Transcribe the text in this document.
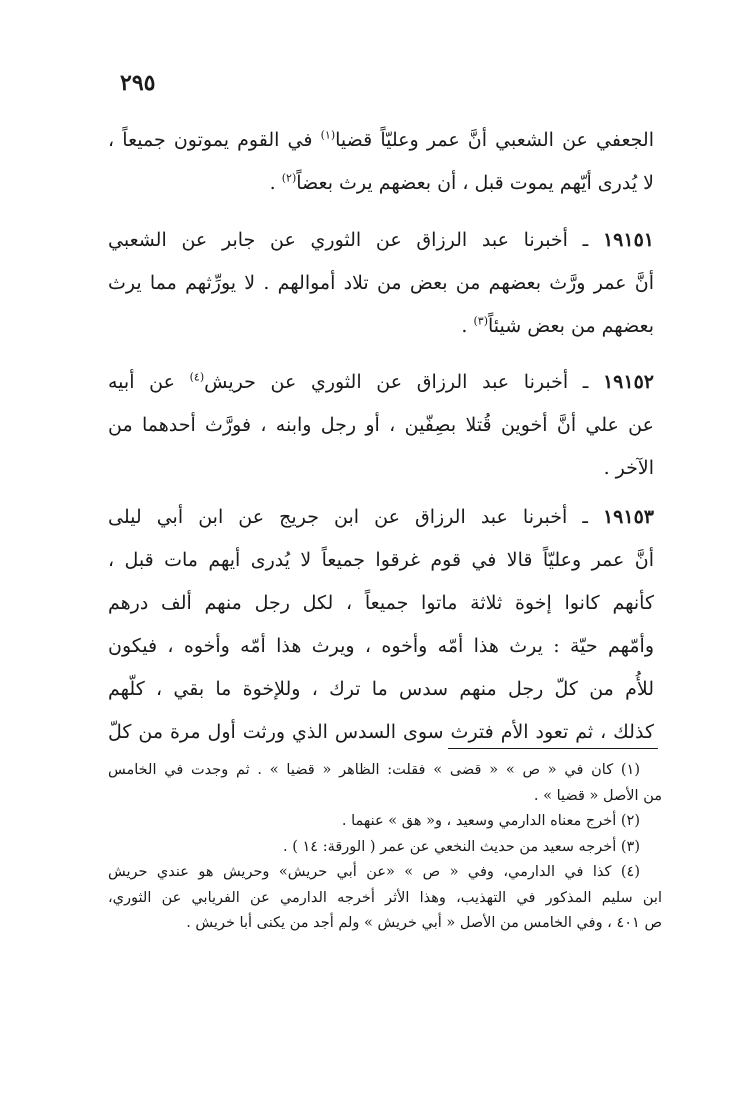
٢٩٥
الجعفي عن الشعبي أنَّ عمر وعليّاً قضيا$^{(١)}$ في القوم يموتون جميعاً ،
لا يُدرى أيّهم يموت قبل ، أن بعضهم يرث بعضاً$^{(٢)}$ .
١٩١٥١ ـ أخبرنا عبد الرزاق عن الثوري عن جابر عن الشعبي
أنَّ عمر ورَّث بعضهم من بعض من تلاد أموالهم . لا يورِّثهم مما يرث
بعضهم من بعض شيئاً$^{(٣)}$ .
١٩١٥٢ ـ أخبرنا عبد الرزاق عن الثوري عن حريش$^{(٤)}$ عن أبيه
عن علي أنَّ أخوين قُتلا بصِفّين ، أو رجل وابنه ، فورَّث أحدهما من
الآخر .
١٩١٥٣ ـ أخبرنا عبد الرزاق عن ابن جريج عن ابن أبي ليلى
أنَّ عمر وعليّاً قالا في قوم غرقوا جميعاً لا يُدرى أيهم مات قبل ،
كأنهم كانوا إخوة ثلاثة ماتوا جميعاً ، لكل رجل منهم ألف درهم
وأمّهم حيّة : يرث هذا أمّه وأخوه ، ويرث هذا أمّه وأخوه ، فيكون
للأُم من كلّ رجل منهم سدس ما ترك ، وللإخوة ما بقي ، كلّهم
كذلك ، ثم تعود الأم فترث سوى السدس الذي ورثت أول مرة من كلّ
(١) كان في « ص » « قضى » فقلت: الظاهر « قضيا » . ثم وجدت في الخامس
من الأصل « قضيا » .
(٢) أخرج معناه الدارمي وسعيد ، و« هق » عنهما .
(٣) أخرجه سعيد من حديث النخعي عن عمر ( الورقة: ١٤ ) .
(٤) كذا في الدارمي، وفي « ص » «عن أبي حريش» وحريش هو عندي حريش
ابن سليم المذكور في التهذيب، وهذا الأثر أخرجه الدارمي عن الفريابي عن الثوري،
ص ٤٠١ ، وفي الخامس من الأصل « أبي خريش » ولم أجد من يكنى أبا خريش .
